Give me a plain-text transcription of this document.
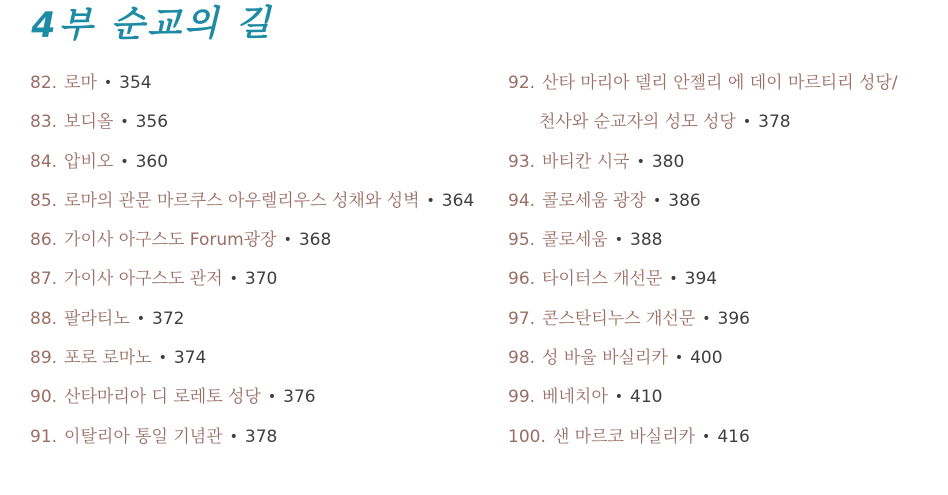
4부 순교의 길
82. 로마 • 354
83. 보디올 • 356
84. 압비오 • 360
85. 로마의 관문 마르쿠스 아우렐리우스 성채와 성벽 • 364
86. 가이사 아구스도 Forum광장 • 368
87. 가이사 아구스도 관저 • 370
88. 팔라티노 • 372
89. 포로 로마노 • 374
90. 산타마리아 디 로레토 성당 • 376
91. 이탈리아 통일 기념관 • 378
92. 산타 마리아 델리 안젤리 에 데이 마르티리 성당/
천사와 순교자의 성모 성당 • 378
93. 바티칸 시국 • 380
94. 콜로세움 광장 • 386
95. 콜로세움 • 388
96. 타이터스 개선문 • 394
97. 콘스탄티누스 개선문 • 396
98. 성 바울 바실리카 • 400
99. 베네치아 • 410
100. 샌 마르코 바실리카 • 416
